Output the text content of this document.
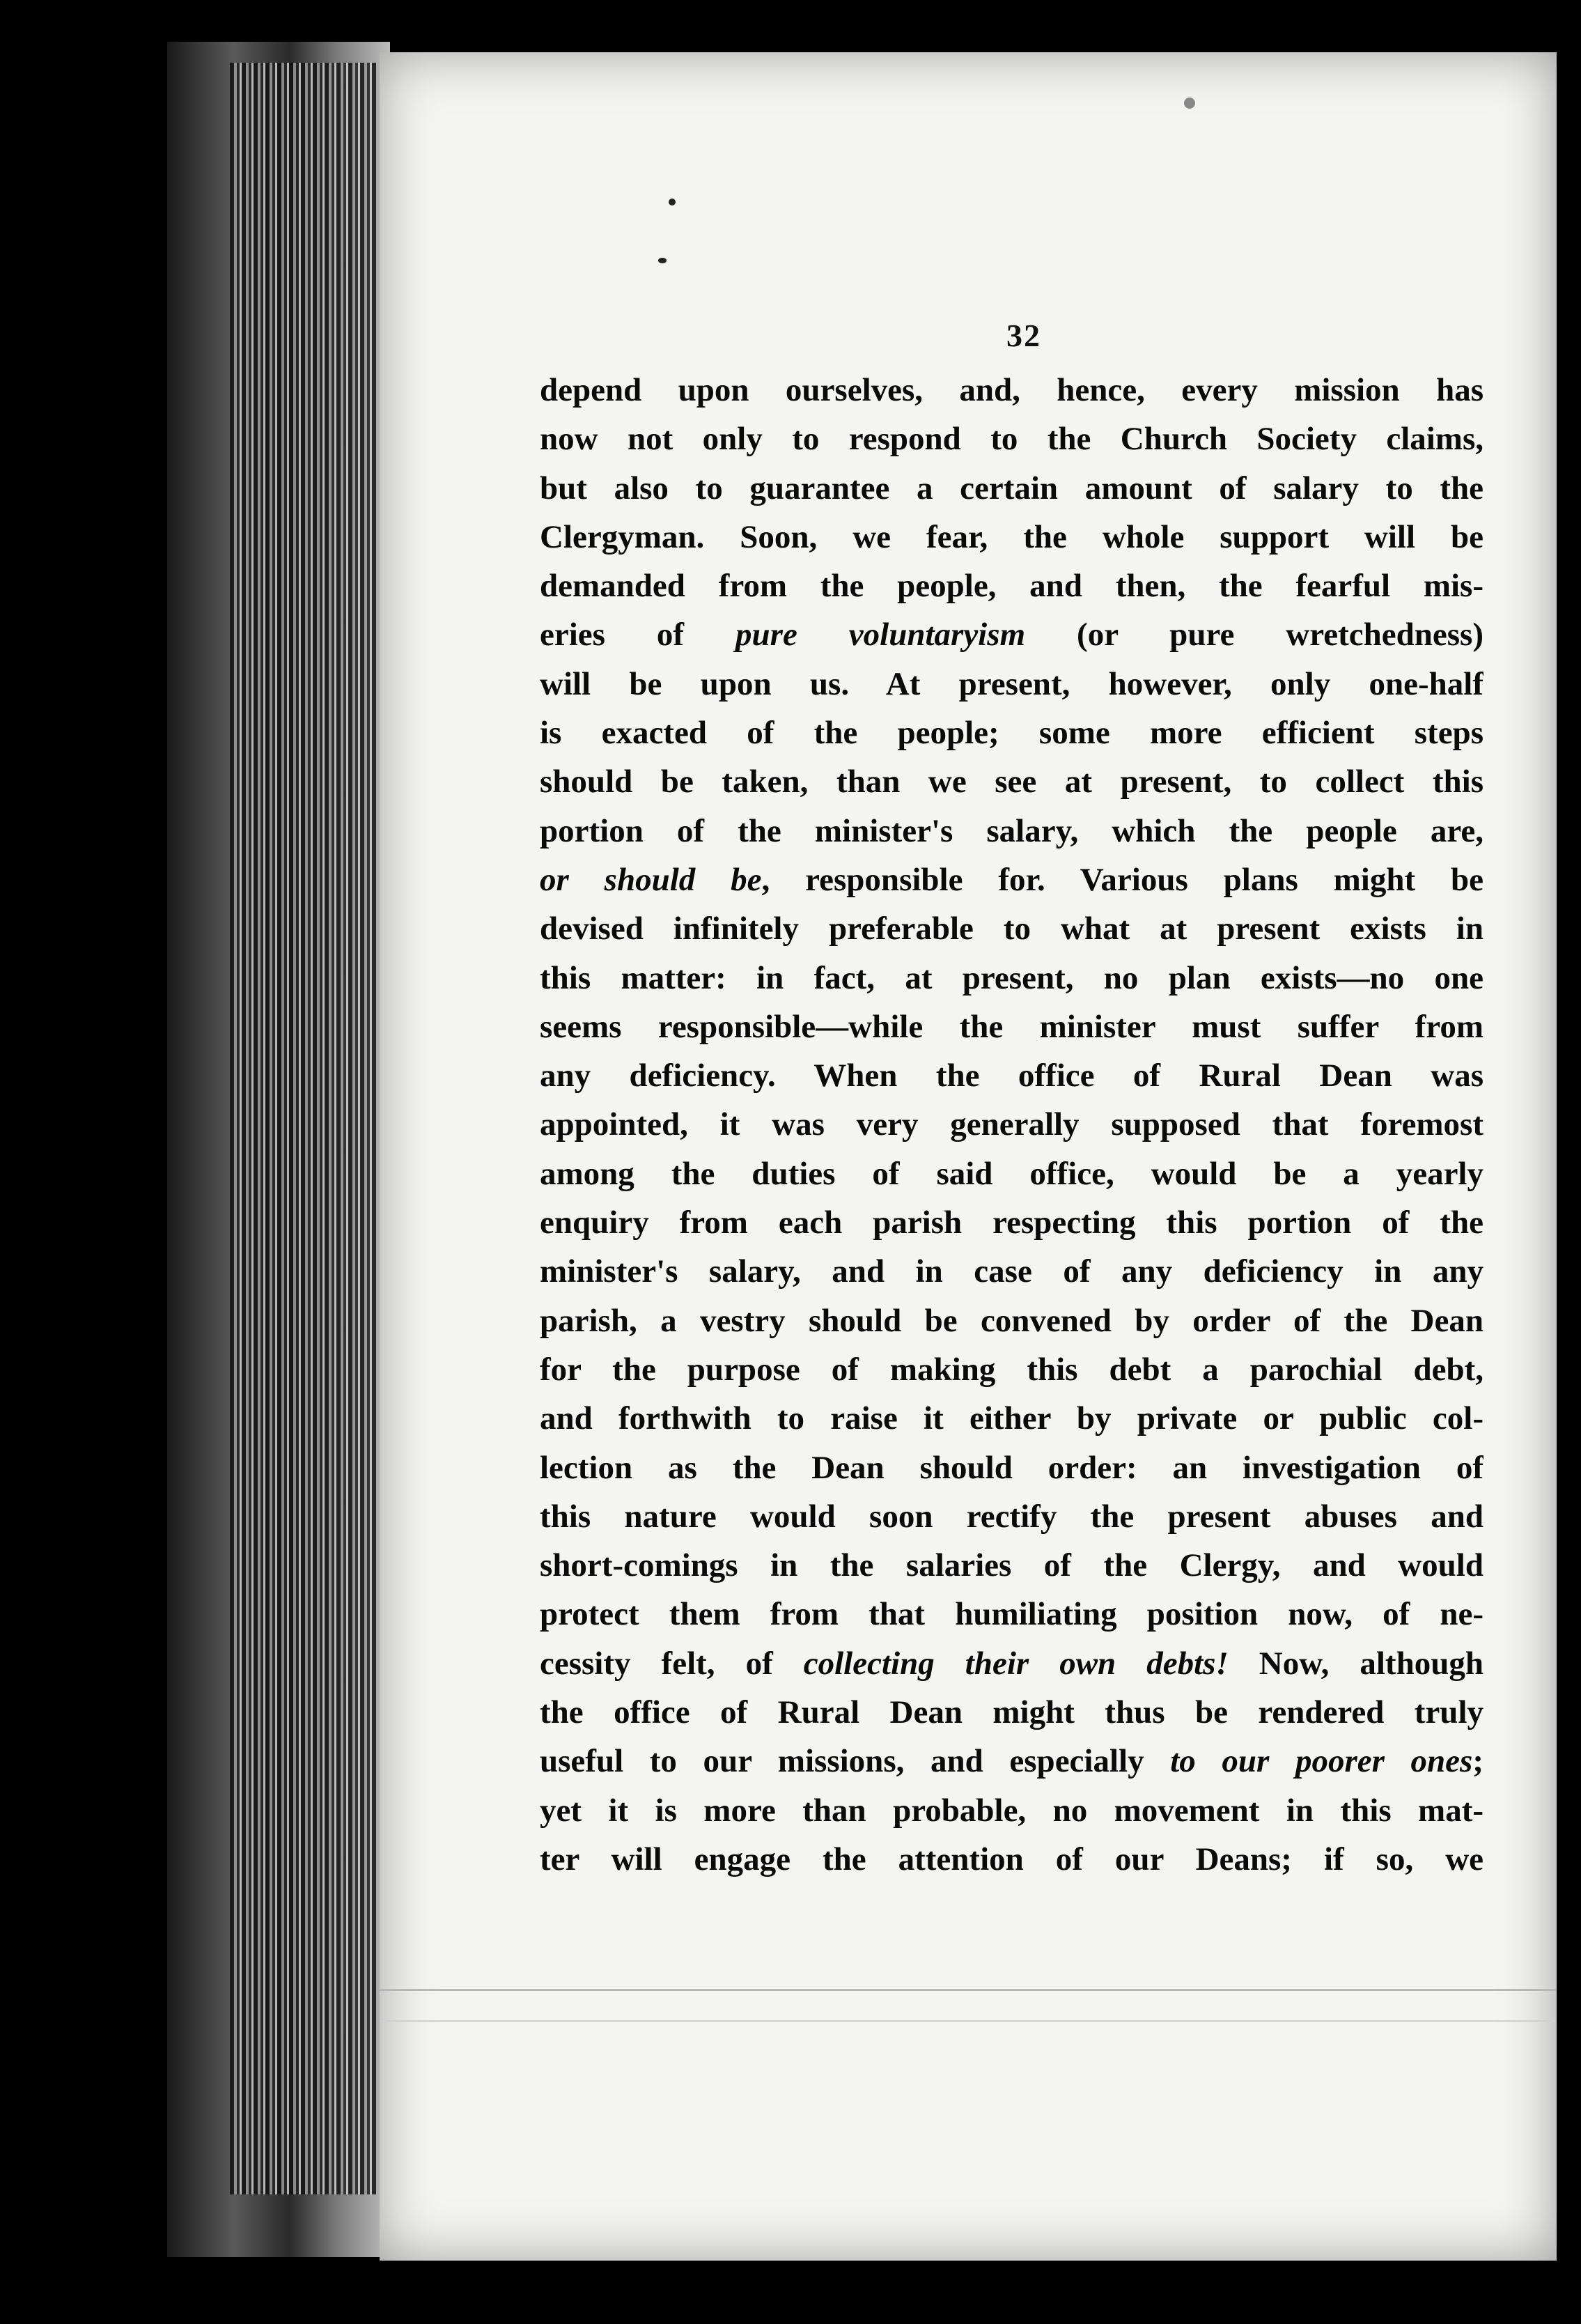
32
depend upon ourselves, and, hence, every mission has
now not only to respond to the Church Society claims,
but also to guarantee a certain amount of salary to the
Clergyman. Soon, we fear, the whole support will be
demanded from the people, and then, the fearful mis-
eries of pure voluntaryism (or pure wretchedness)
will be upon us. At present, however, only one-half
is exacted of the people; some more efficient steps
should be taken, than we see at present, to collect this
portion of the minister's salary, which the people are,
or should be, responsible for. Various plans might be
devised infinitely preferable to what at present exists in
this matter: in fact, at present, no plan exists—no one
seems responsible—while the minister must suffer from
any deficiency. When the office of Rural Dean was
appointed, it was very generally supposed that foremost
among the duties of said office, would be a yearly
enquiry from each parish respecting this portion of the
minister's salary, and in case of any deficiency in any
parish, a vestry should be convened by order of the Dean
for the purpose of making this debt a parochial debt,
and forthwith to raise it either by private or public col-
lection as the Dean should order: an investigation of
this nature would soon rectify the present abuses and
short-comings in the salaries of the Clergy, and would
protect them from that humiliating position now, of ne-
cessity felt, of collecting their own debts! Now, although
the office of Rural Dean might thus be rendered truly
useful to our missions, and especially to our poorer ones;
yet it is more than probable, no movement in this mat-
ter will engage the attention of our Deans; if so, we
